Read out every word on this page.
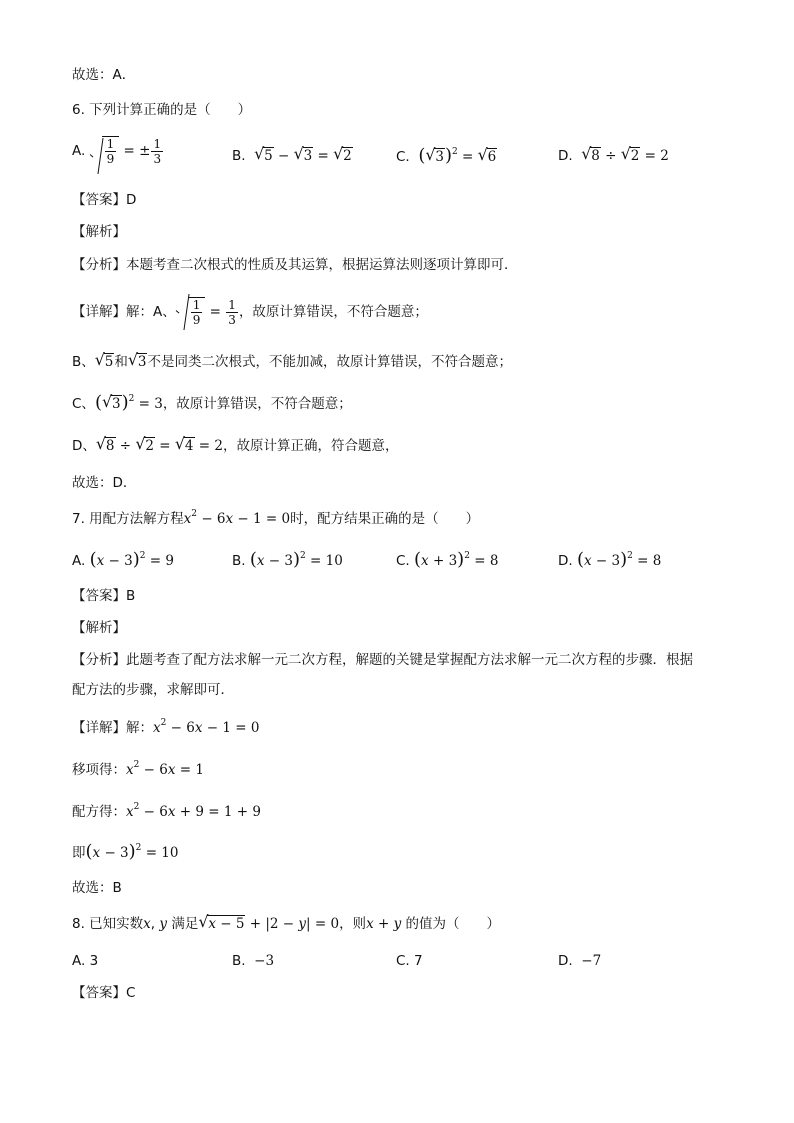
故选：A．
6. 下列计算正确的是（　　）
A. $\frac{1}{9}$ = ± $\frac{1}{3}$	B. √ 5 − √ 3 = √ 2	C. ( √ 3)$^2$ = √ 6	D. √ 8 ÷ √ 2 = 2
【答案】D
【解析】
【分析】本题考查二次根式的性质及其运算，根据运算法则逐项计算即可．
【详解】解：A、 $\frac{1}{9} = \frac{1}{3}$ ，故原计算错误，不符合题意；
B、 √ 5和 √ 3不是同类二次根式，不能加减，故原计算错误，不符合题意；
C、( √ 3)$^2$ = 3，故原计算错误，不符合题意；
D、 √ 8 ÷ √ 2 = √ 4 = 2，故原计算正确，符合题意，
故选：D．
7. 用配方法解方程$x^2 - 6x - 1 = 0$时，配方结果正确的是（　　）
A. $(x - 3)^2 = 9$	B. $(x - 3)^2 = 10$	C. $(x + 3)^2 = 8$	D. $(x - 3)^2 = 8$
【答案】B
【解析】
【分析】此题考查了配方法求解一元二次方程，解题的关键是掌握配方法求解一元二次方程的步骤．根据
配方法的步骤，求解即可．
【详解】解：$x^2 - 6x - 1 = 0$
移项得：$x^2 - 6x = 1$
配方得：$x^2 - 6x + 9 = 1 + 9$
即$(x - 3)^2 = 10$
故选：B
8. 已知实数x, y 满足 √ x − 5 + |2 − y| = 0，则x + y 的值为（　　）
A. 3	B. −3	C. 7	D. −7
【答案】C
